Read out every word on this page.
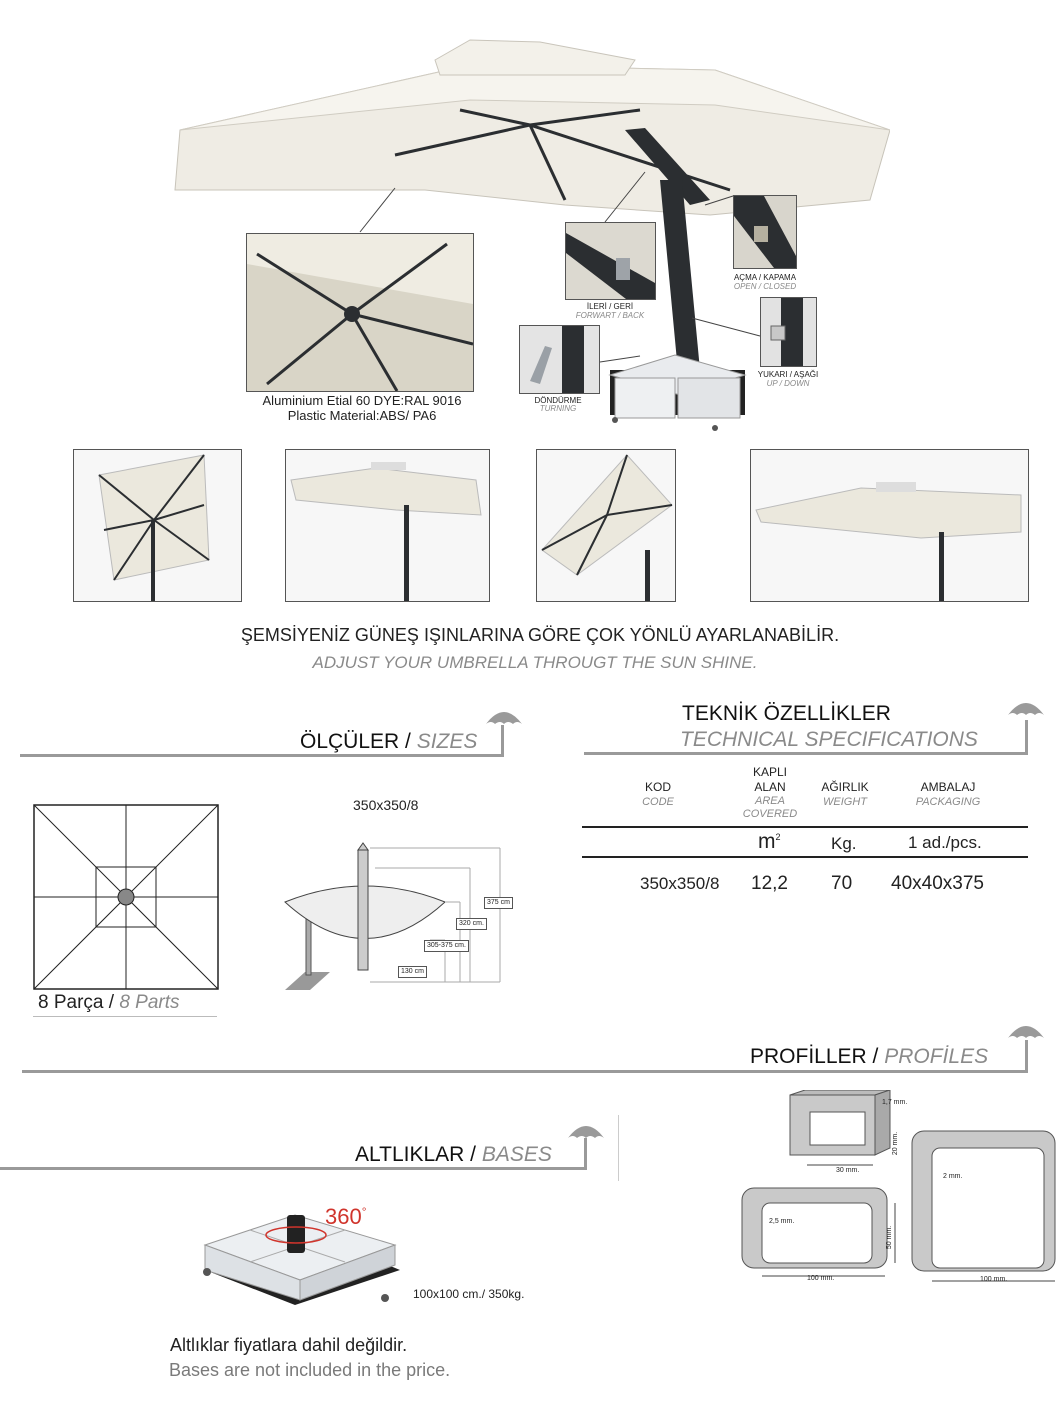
Aluminium Etial 60 DYE:RAL 9016
Plastic Material:ABS/ PA6
İLERİ / GERİ
FORWART / BACK
AÇMA / KAPAMA
OPEN / CLOSED
YUKARI / AŞAĞI
UP / DOWN
DÖNDÜRME
TURNING
ŞEMSİYENİZ GÜNEŞ IŞINLARINA GÖRE ÇOK YÖNLÜ AYARLANABİLİR.
ADJUST YOUR UMBRELLA THROUGT THE SUN SHINE.
ÖLÇÜLER / SIZES
TEKNİK ÖZELLİKLER
TECHNICAL SPECIFICATIONS
8 Parça / 8 Parts
350x350/8
375 cm
320 cm.
305-375 cm.
130 cm
KOD
CODE
KAPLI
ALAN
AREA
COVERED
AĞIRLIK
WEIGHT
AMBALAJ
PACKAGING
$m^2$	Kg.	1 ad./pcs.
350x350/8 12,2 70 40x40x375
PROFİLLER / PROFİLES
ALTLIKLAR / BASES
360°
100x100 cm./ 350kg.
Altlıklar fiyatlara dahil değildir.
Bases are not included in the price.
1,7 mm.
20 mm.
30 mm.
2,5 mm.
50 mm.
100 mm.
2 mm.
100 mm.
